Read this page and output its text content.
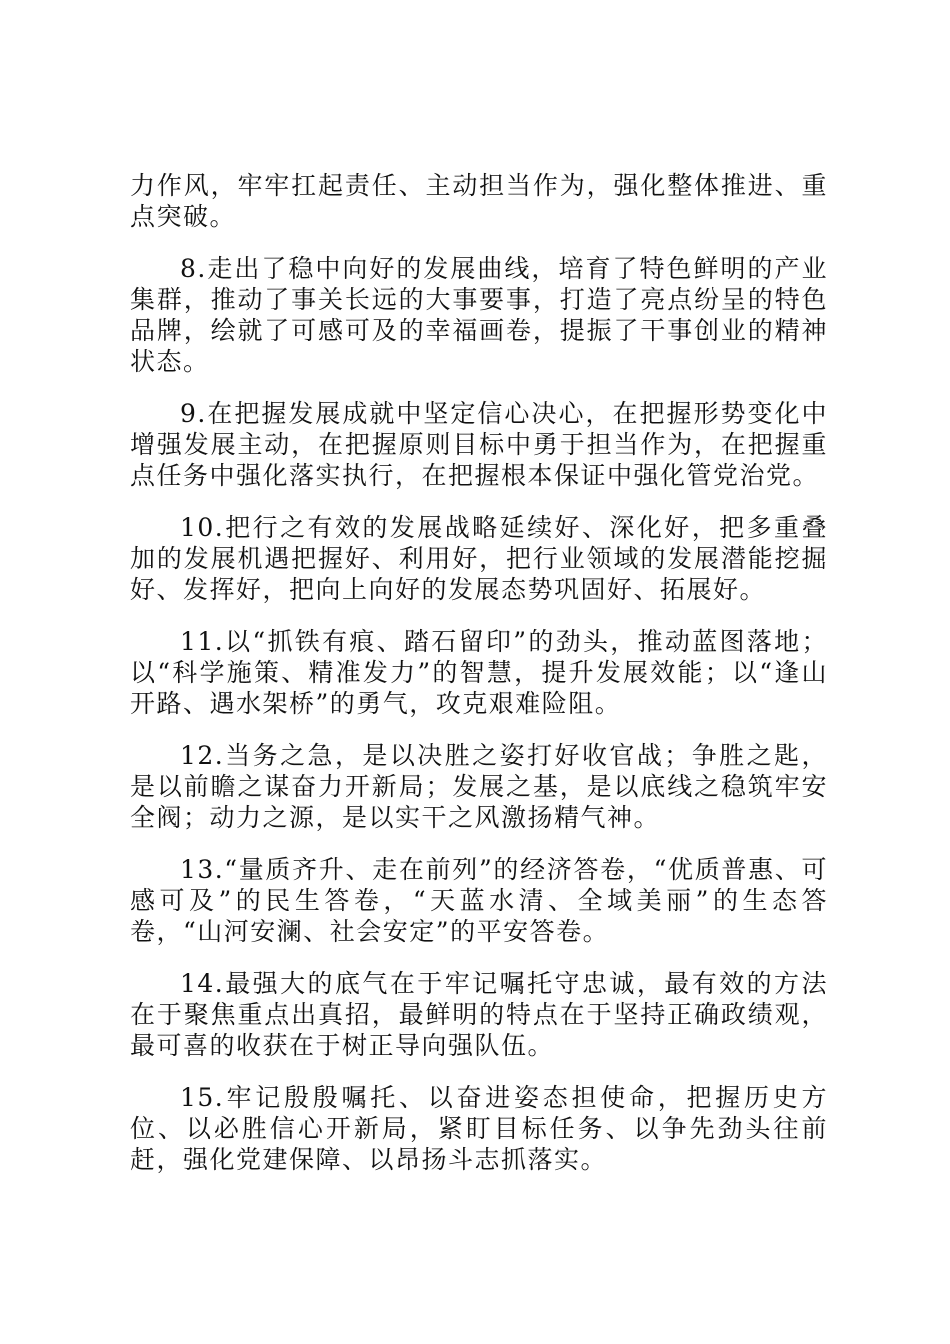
力作风，牢牢扛起责任、主动担当作为，强化整体推进、重点突破。

8.走出了稳中向好的发展曲线，培育了特色鲜明的产业集群，推动了事关长远的大事要事，打造了亮点纷呈的特色品牌，绘就了可感可及的幸福画卷，提振了干事创业的精神状态。

9.在把握发展成就中坚定信心决心，在把握形势变化中增强发展主动，在把握原则目标中勇于担当作为，在把握重点任务中强化落实执行，在把握根本保证中强化管党治党。

10.把行之有效的发展战略延续好、深化好，把多重叠加的发展机遇把握好、利用好，把行业领域的发展潜能挖掘好、发挥好，把向上向好的发展态势巩固好、拓展好。

11.以“抓铁有痕、踏石留印”的劲头，推动蓝图落地；以“科学施策、精准发力”的智慧，提升发展效能；以“逢山开路、遇水架桥”的勇气，攻克艰难险阻。

12.当务之急，是以决胜之姿打好收官战；争胜之匙，是以前瞻之谋奋力开新局；发展之基，是以底线之稳筑牢安全阀；动力之源，是以实干之风激扬精气神。

13.“量质齐升、走在前列”的经济答卷，“优质普惠、可感可及”的民生答卷，“天蓝水清、全域美丽”的生态答卷，“山河安澜、社会安定”的平安答卷。

14.最强大的底气在于牢记嘱托守忠诚，最有效的方法在于聚焦重点出真招，最鲜明的特点在于坚持正确政绩观，最可喜的收获在于树正导向强队伍。

15.牢记殷殷嘱托、以奋进姿态担使命，把握历史方位、以必胜信心开新局，紧盯目标任务、以争先劲头往前赶，强化党建保障、以昂扬斗志抓落实。
